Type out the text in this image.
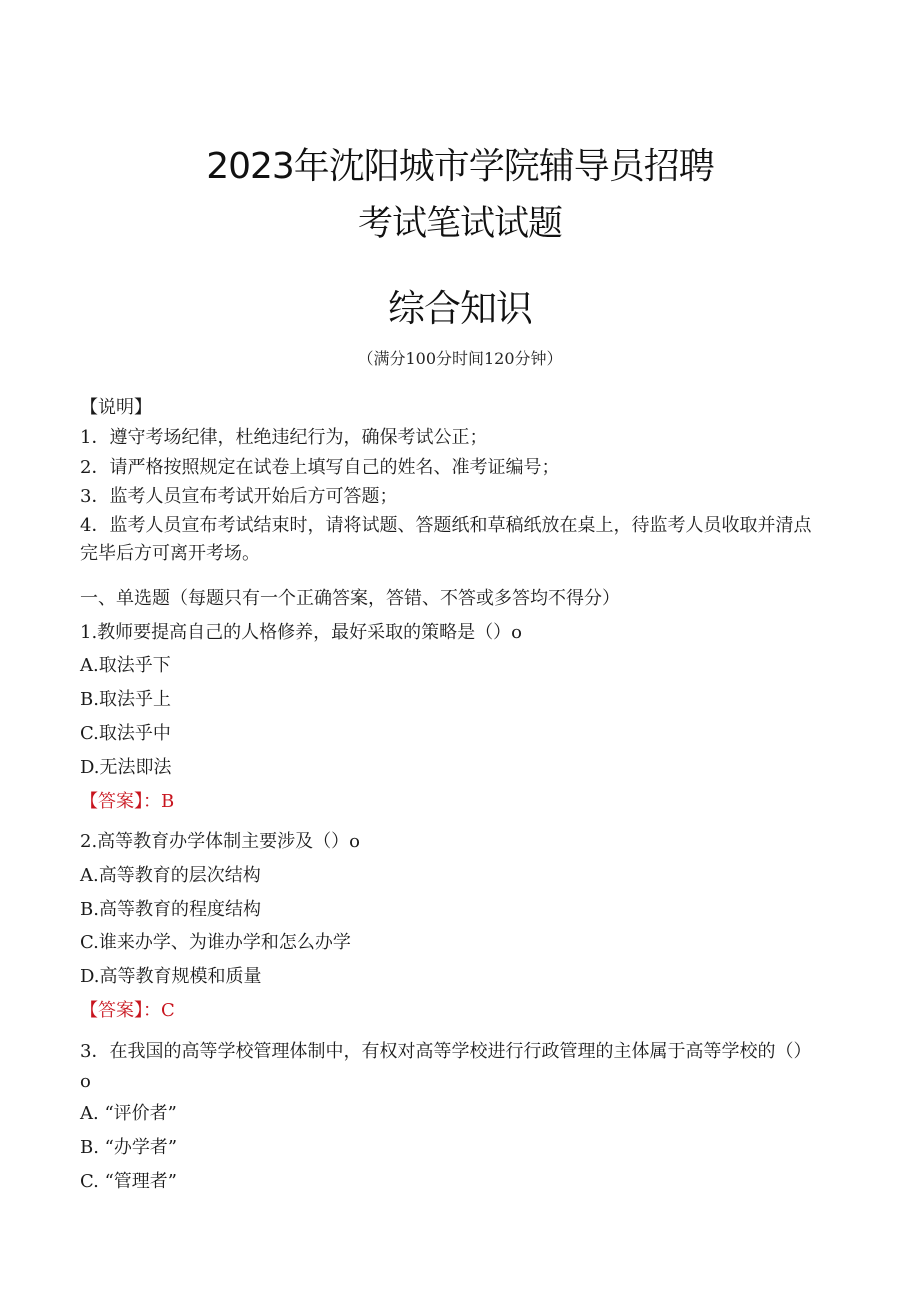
2023年沈阳城市学院辅导员招聘
考试笔试试题
综合知识
（满分100分时间120分钟）
【说明】
1．遵守考场纪律，杜绝违纪行为，确保考试公正；
2．请严格按照规定在试卷上填写自己的姓名、准考证编号；
3．监考人员宣布考试开始后方可答题；
4．监考人员宣布考试结束时，请将试题、答题纸和草稿纸放在桌上，待监考人员收取并清点
完毕后方可离开考场。
一、单选题（每题只有一个正确答案，答错、不答或多答均不得分）
1.教师要提高自己的人格修养，最好采取的策略是（）o
A.取法乎下
B.取法乎上
C.取法乎中
D.无法即法
【答案】：B
2.高等教育办学体制主要涉及（）o
A.高等教育的层次结构
B.高等教育的程度结构
C.谁来办学、为谁办学和怎么办学
D.高等教育规模和质量
【答案】：C
3．在我国的高等学校管理体制中，有权对高等学校进行行政管理的主体属于高等学校的（）
o
A. “评价者”
B. “办学者”
C. “管理者”
